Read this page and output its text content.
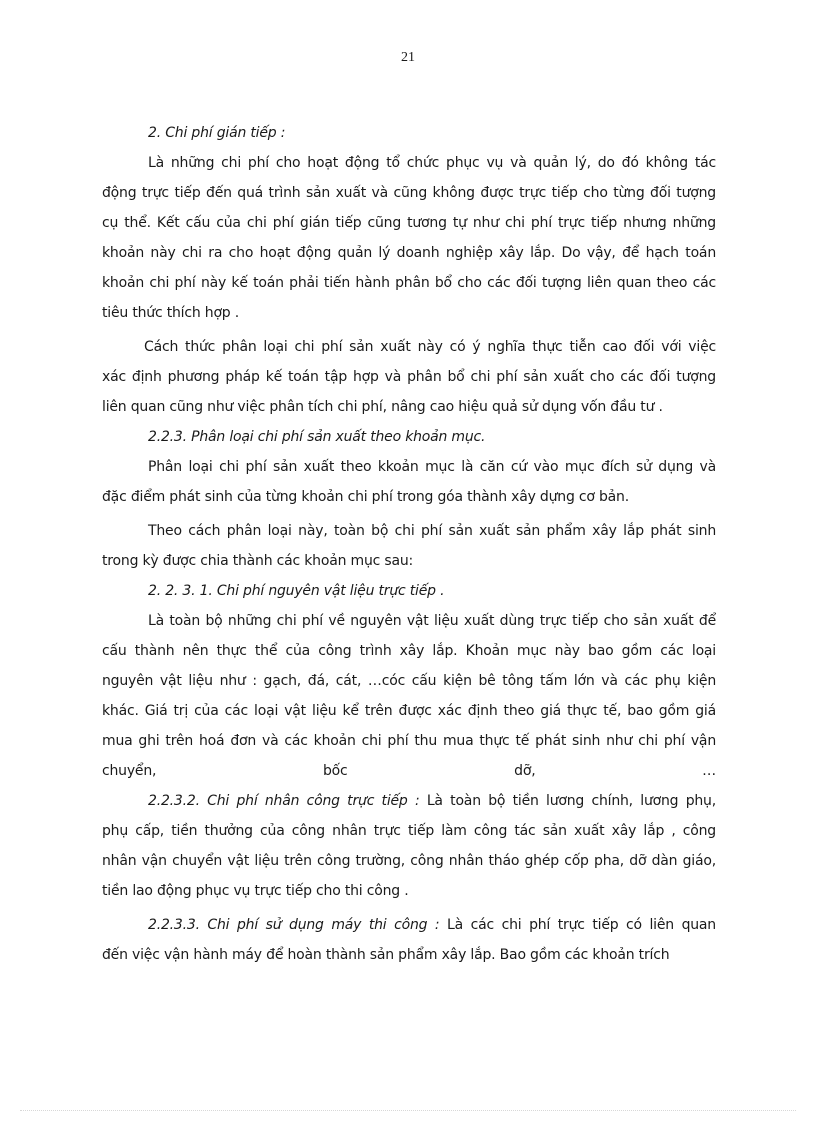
21
2. Chi phí gián tiếp :
Là những chi phí cho hoạt động tổ chức phục vụ và quản lý, do đó không tác
động trực tiếp đến quá trình sản xuất và cũng không được trực tiếp cho từng đối tượng
cụ thể. Kết cấu của chi phí gián tiếp cũng tương tự như chi phí trực tiếp nhưng những
khoản này chi ra cho hoạt động quản lý doanh nghiệp xây lắp. Do vậy, để hạch toán
khoản chi phí này kế toán phải tiến hành phân bổ cho các đối tượng liên quan theo các
tiêu thức thích hợp .
Cách thức phân loại chi phí sản xuất này có ý nghĩa thực tiễn cao đối với việc
xác định phương pháp kế toán tập hợp và phân bổ chi phí sản xuất cho các đối tượng
liên quan cũng như việc phân tích chi phí, nâng cao hiệu quả sử dụng vốn đầu tư .
2.2.3. Phân loại chi phí sản xuất theo khoản mục.
Phân loại chi phí sản xuất theo kkoản mục là căn cứ vào mục đích sử dụng và
đặc điểm phát sinh của từng khoản chi phí trong góa thành xây dựng cơ bản.
Theo cách phân loại này, toàn bộ chi phí sản xuất sản phẩm xây lắp phát sinh
trong kỳ được chia thành các khoản mục sau:
2. 2. 3. 1. Chi phí nguyên vật liệu trực tiếp .
Là toàn bộ những chi phí về nguyên vật liệu xuất dùng trực tiếp cho sản xuất để
cấu thành nên thực thể của công trình xây lắp. Khoản mục này bao gồm các loại
nguyên vật liệu như : gạch, đá, cát, …cóc cấu kiện bê tông tấm lớn và các phụ kiện
khác. Giá trị của các loại vật liệu kể trên được xác định theo giá thực tế, bao gồm giá
mua ghi trên hoá đơn và các khoản chi phí thu mua thực tế phát sinh như chi phí vận
chuyển,	bốc	dỡ,	…
2.2.3.2. Chi phí nhân công trực tiếp : Là toàn bộ tiền lương chính, lương phụ,
phụ cấp, tiền thưởng của công nhân trực tiếp làm công tác sản xuất xây lắp , công
nhân vận chuyển vật liệu trên công trường, công nhân tháo ghép cốp pha, dỡ dàn giáo,
tiền lao động phục vụ trực tiếp cho thi công .
2.2.3.3. Chi phí sử dụng máy thi công : Là các chi phí trực tiếp có liên quan
đến việc vận hành máy để hoàn thành sản phẩm xây lắp. Bao gồm các khoản trích
